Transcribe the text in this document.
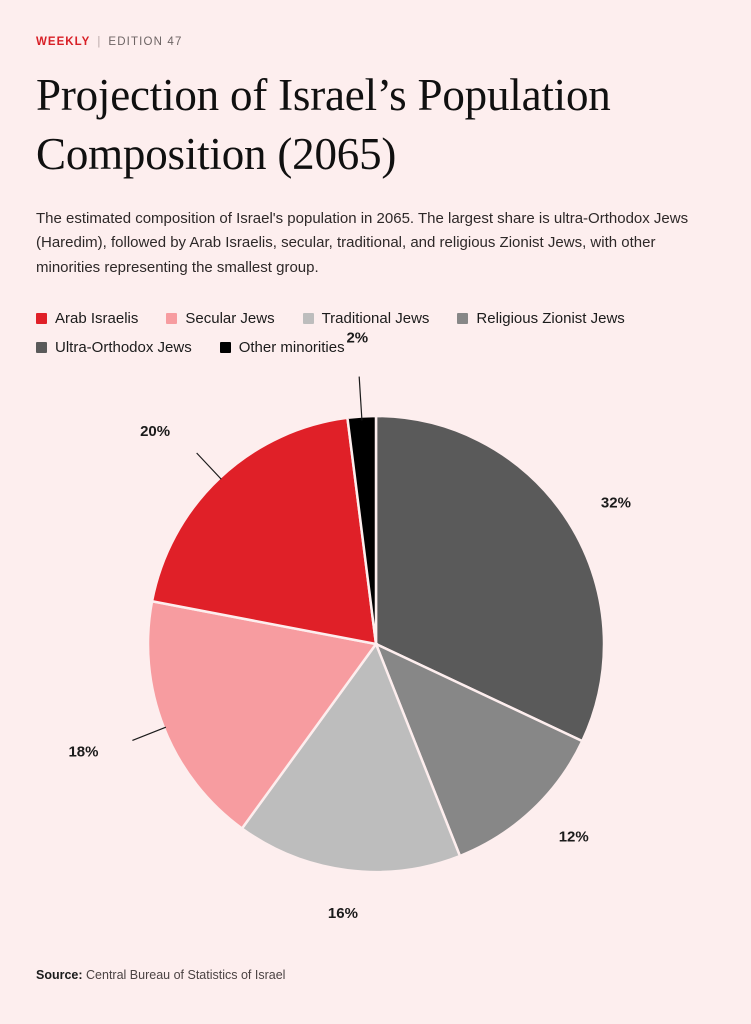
WEEKLY | EDITION 47
Projection of Israel’s Population Composition (2065)

The estimated composition of Israel's population in 2065. The largest share is ultra-Orthodox Jews (Haredim), followed by Arab Israelis, secular, traditional, and religious Zionist Jews, with other minorities representing the smallest group.

Arab Israelis	Secular Jews	Traditional Jews	Religious Zionist Jews
Ultra-Orthodox Jews	Other minorities
32%
12%
16%
18%
20%
2%
Source: Central Bureau of Statistics of Israel
